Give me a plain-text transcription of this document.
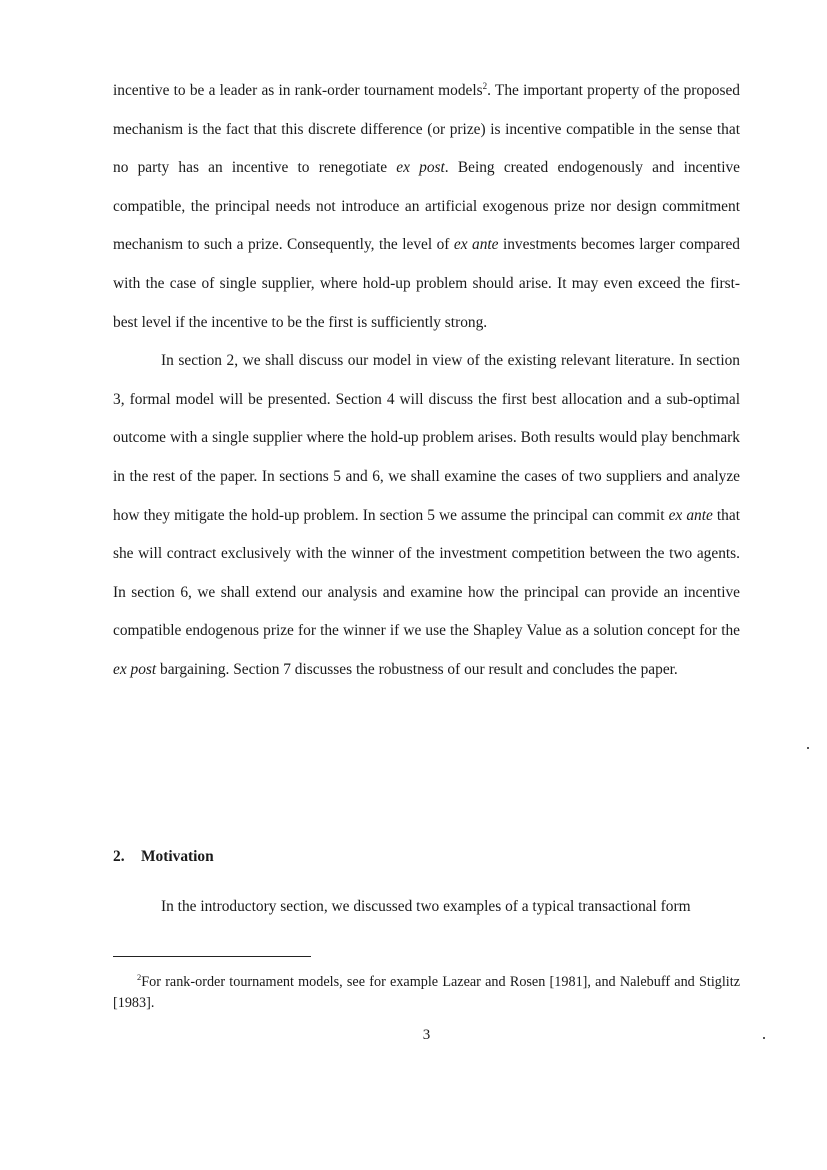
incentive to be a leader as in rank-order tournament models$^2$. The important property of the proposed mechanism is the fact that this discrete difference (or prize) is incentive compatible in the sense that no party has an incentive to renegotiate ex post. Being created endogenously and incentive compatible, the principal needs not introduce an artificial exogenous prize nor design commitment mechanism to such a prize. Consequently, the level of ex ante investments becomes larger compared with the case of single supplier, where hold-up problem should arise. It may even exceed the first-best level if the incentive to be the first is sufficiently strong.

In section 2, we shall discuss our model in view of the existing relevant literature. In section 3, formal model will be presented. Section 4 will discuss the first best allocation and a sub-optimal outcome with a single supplier where the hold-up problem arises. Both results would play benchmark in the rest of the paper. In sections 5 and 6, we shall examine the cases of two suppliers and analyze how they mitigate the hold-up problem. In section 5 we assume the principal can commit ex ante that she will contract exclusively with the winner of the investment competition between the two agents. In section 6, we shall extend our analysis and examine how the principal can provide an incentive compatible endogenous prize for the winner if we use the Shapley Value as a solution concept for the ex post bargaining. Section 7 discusses the robustness of our result and concludes the paper.

2. Motivation

In the introductory section, we discussed two examples of a typical transactional form

$^2$For rank-order tournament models, see for example Lazear and Rosen [1981], and Nalebuff and Stiglitz [1983].
3
